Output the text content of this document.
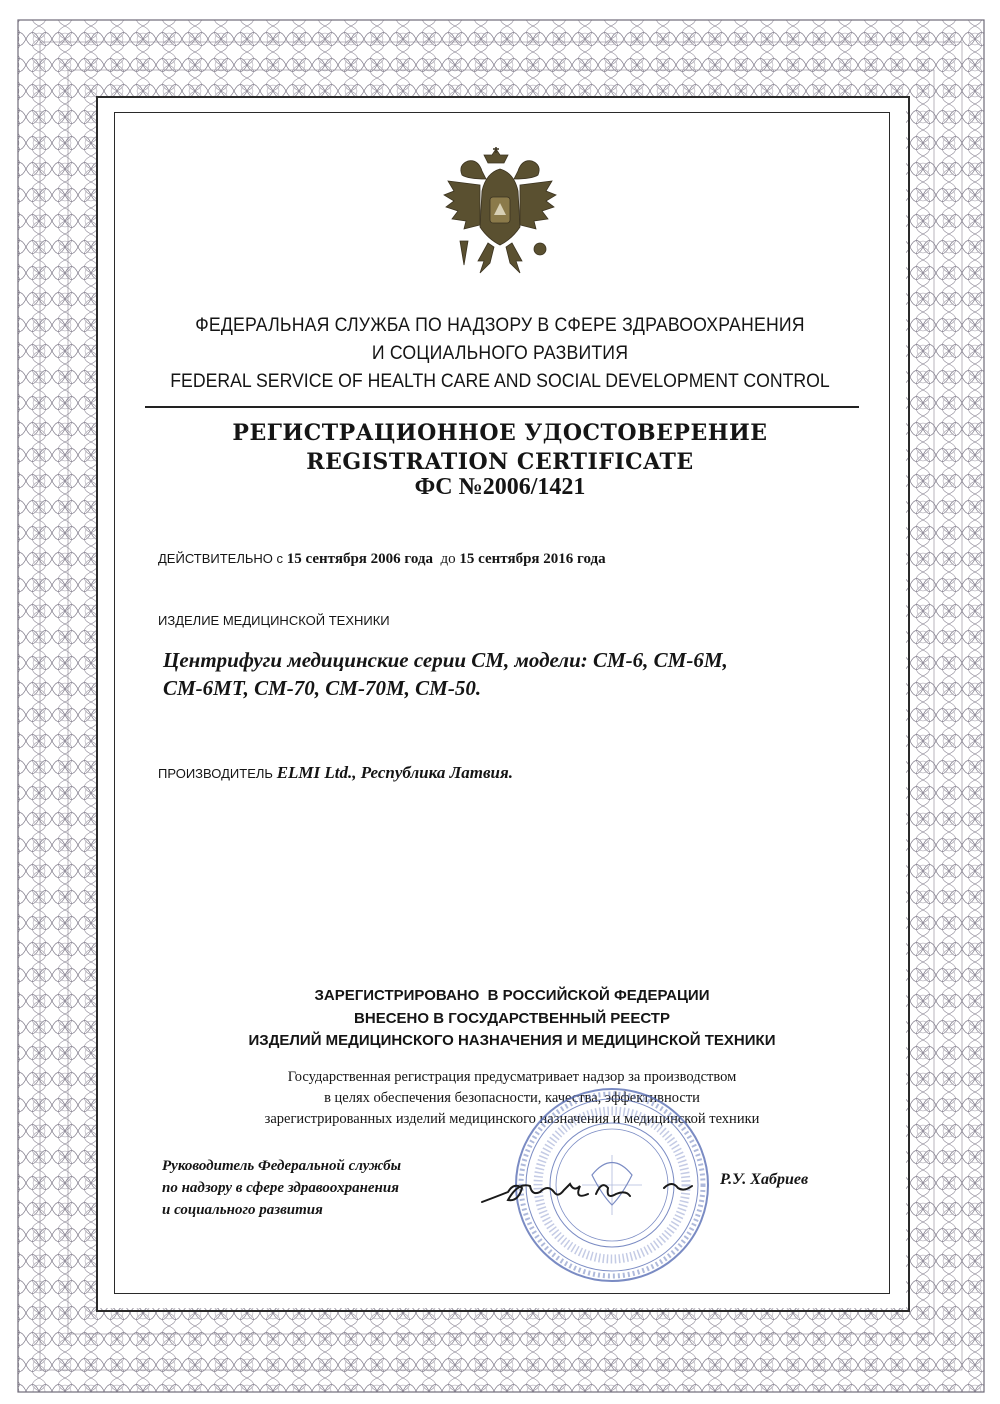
ФЕДЕРАЛЬНАЯ СЛУЖБА ПО НАДЗОРУ В СФЕРЕ ЗДРАВООХРАНЕНИЯ
И СОЦИАЛЬНОГО РАЗВИТИЯ
FEDERAL SERVICE OF HEALTH CARE AND SOCIAL DEVELOPMENT CONTROL
РЕГИСТРАЦИОННОЕ УДОСТОВЕРЕНИЕ
REGISTRATION CERTIFICATE
ФС №2006/1421
ДЕЙСТВИТЕЛЬНО с 15 сентября 2006 года до 15 сентября 2016 года
ИЗДЕЛИЕ МЕДИЦИНСКОЙ ТЕХНИКИ
Центрифуги медицинские серии СМ, модели: СМ-6, СМ-6М,
СМ-6МТ, СМ-70, СМ-70М, СМ-50.
ПРОИЗВОДИТЕЛЬ ELMI Ltd., Республика Латвия.
ЗАРЕГИСТРИРОВАНО  В РОССИЙСКОЙ ФЕДЕРАЦИИ
ВНЕСЕНО В ГОСУДАРСТВЕННЫЙ РЕЕСТР
ИЗДЕЛИЙ МЕДИЦИНСКОГО НАЗНАЧЕНИЯ И МЕДИЦИНСКОЙ ТЕХНИКИ
Государственная регистрация предусматривает надзор за производством
в целях обеспечения безопасности, качества, эффективности
зарегистрированных изделий медицинского назначения и медицинской техники
Руководитель Федеральной службы
по надзору в сфере здравоохранения
и социального развития
Р.У. Хабриев
